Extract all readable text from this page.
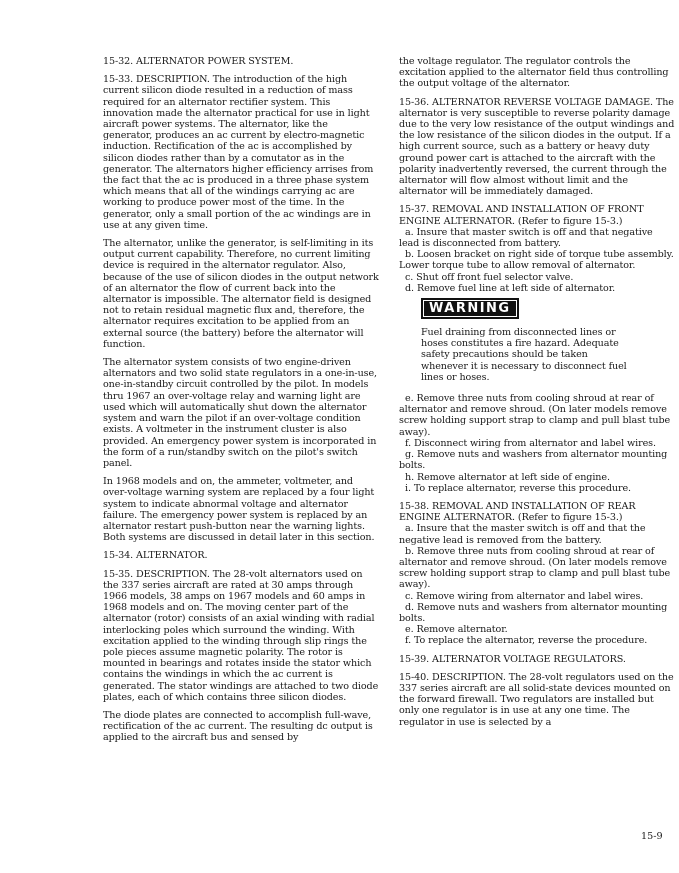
15-32. ALTERNATOR POWER SYSTEM.

15-33. DESCRIPTION. The introduction of the high current silicon diode resulted in a reduction of mass required for an alternator rectifier system. This innovation made the alternator practical for use in light aircraft power systems. The alternator, like the generator, produces an ac current by electro-magnetic induction. Rectification of the ac is accomplished by silicon diodes rather than by a comutator as in the generator. The alternators higher efficiency arrises from the fact that the ac is produced in a three phase system which means that all of the windings carrying ac are working to produce power most of the time. In the generator, only a small portion of the ac windings are in use at any given time.

The alternator, unlike the generator, is self-limiting in its output current capability. Therefore, no current limiting device is required in the alternator regulator. Also, because of the use of silicon diodes in the output network of an alternator the flow of current back into the alternator is impossible. The alternator field is designed not to retain residual magnetic flux and, therefore, the alternator requires excitation to be applied from an external source (the battery) before the alternator will function.

The alternator system consists of two engine-driven alternators and two solid state regulators in a one-in-use, one-in-standby circuit controlled by the pilot. In models thru 1967 an over-voltage relay and warning light are used which will automatically shut down the alternator system and warn the pilot if an over-voltage condition exists. A voltmeter in the instrument cluster is also provided. An emergency power system is incorporated in the form of a run/standby switch on the pilot's switch panel.

In 1968 models and on, the ammeter, voltmeter, and over-voltage warning system are replaced by a four light system to indicate abnormal voltage and alternator failure. The emergency power system is replaced by an alternator restart push-button near the warning lights. Both systems are discussed in detail later in this section.

15-34. ALTERNATOR.

15-35. DESCRIPTION. The 28-volt alternators used on the 337 series aircraft are rated at 30 amps through 1966 models, 38 amps on 1967 models and 60 amps in 1968 models and on. The moving center part of the alternator (rotor) consists of an axial winding with radial interlocking poles which surround the winding. With excitation applied to the winding through slip rings the pole pieces assume magnetic polarity. The rotor is mounted in bearings and rotates inside the stator which contains the windings in which the ac current is generated. The stator windings are attached to two diode plates, each of which contains three silicon diodes.

The diode plates are connected to accomplish full-wave, rectification of the ac current. The resulting dc output is applied to the aircraft bus and sensed by

the voltage regulator. The regulator controls the excitation applied to the alternator field thus controlling the output voltage of the alternator.

15-36. ALTERNATOR REVERSE VOLTAGE DAMAGE. The alternator is very susceptible to reverse polarity damage due to the very low resistance of the output windings and the low resistance of the silicon diodes in the output. If a high current source, such as a battery or heavy duty ground power cart is attached to the aircraft with the polarity inadvertently reversed, the current through the alternator will flow almost without limit and the alternator will be immediately damaged.

15-37. REMOVAL AND INSTALLATION OF FRONT ENGINE ALTERNATOR. (Refer to figure 15-3.)

a. Insure that master switch is off and that negative lead is disconnected from battery.

b. Loosen bracket on right side of torque tube assembly. Lower torque tube to allow removal of alternator.

c. Shut off front fuel selector valve.

d. Remove fuel line at left side of alternator.

WARNING

Fuel draining from disconnected lines or hoses constitutes a fire hazard. Adequate safety precautions should be taken whenever it is necessary to disconnect fuel lines or hoses.

e. Remove three nuts from cooling shroud at rear of alternator and remove shroud. (On later models remove screw holding support strap to clamp and pull blast tube away).

f. Disconnect wiring from alternator and label wires.

g. Remove nuts and washers from alternator mounting bolts.

h. Remove alternator at left side of engine.

i. To replace alternator, reverse this procedure.

15-38. REMOVAL AND INSTALLATION OF REAR ENGINE ALTERNATOR. (Refer to figure 15-3.)

a. Insure that the master switch is off and that the negative lead is removed from the battery.

b. Remove three nuts from cooling shroud at rear of alternator and remove shroud. (On later models remove screw holding support strap to clamp and pull blast tube away).

c. Remove wiring from alternator and label wires.

d. Remove nuts and washers from alternator mounting bolts.

e. Remove alternator.

f. To replace the alternator, reverse the procedure.

15-39. ALTERNATOR VOLTAGE REGULATORS.

15-40. DESCRIPTION. The 28-volt regulators used on the 337 series aircraft are all solid-state devices mounted on the forward firewall. Two regulators are installed but only one regulator is in use at any one time. The regulator in use is selected by a

15-9
